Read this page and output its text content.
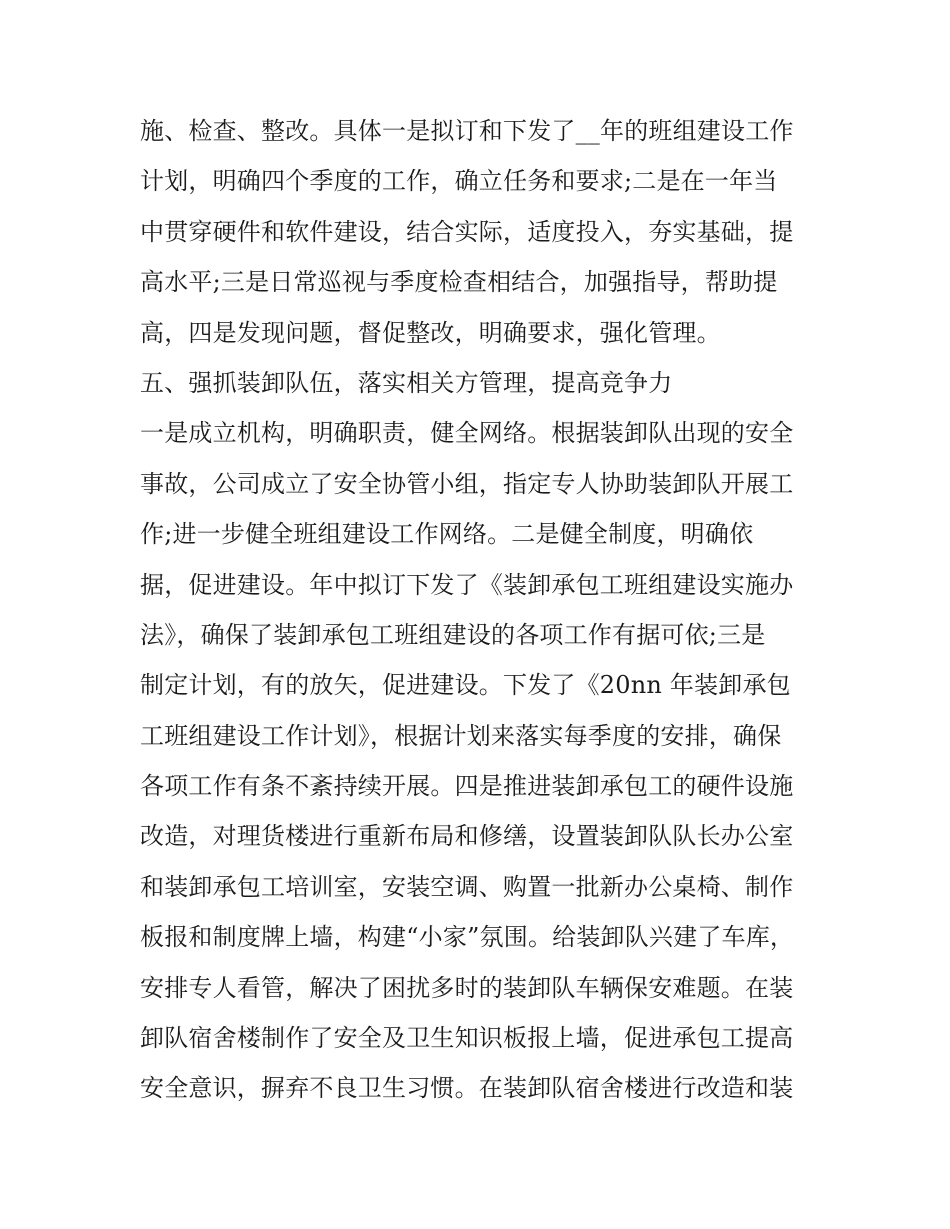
施、检查、整改。具体一是拟订和下发了__年的班组建设工作
计划，明确四个季度的工作，确立任务和要求;二是在一年当
中贯穿硬件和软件建设，结合实际，适度投入，夯实基础，提
高水平;三是日常巡视与季度检查相结合，加强指导，帮助提
高，四是发现问题，督促整改，明确要求，强化管理。
五、强抓装卸队伍，落实相关方管理，提高竞争力
一是成立机构，明确职责，健全网络。根据装卸队出现的安全
事故，公司成立了安全协管小组，指定专人协助装卸队开展工
作;进一步健全班组建设工作网络。二是健全制度，明确依
据，促进建设。年中拟订下发了《装卸承包工班组建设实施办
法》，确保了装卸承包工班组建设的各项工作有据可依;三是
制定计划，有的放矢，促进建设。下发了《20nn 年装卸承包
工班组建设工作计划》，根据计划来落实每季度的安排，确保
各项工作有条不紊持续开展。四是推进装卸承包工的硬件设施
改造，对理货楼进行重新布局和修缮，设置装卸队队长办公室
和装卸承包工培训室，安装空调、购置一批新办公桌椅、制作
板报和制度牌上墙，构建“小家”氛围。给装卸队兴建了车库，
安排专人看管，解决了困扰多时的装卸队车辆保安难题。在装
卸队宿舍楼制作了安全及卫生知识板报上墙，促进承包工提高
安全意识，摒弃不良卫生习惯。在装卸队宿舍楼进行改造和装
